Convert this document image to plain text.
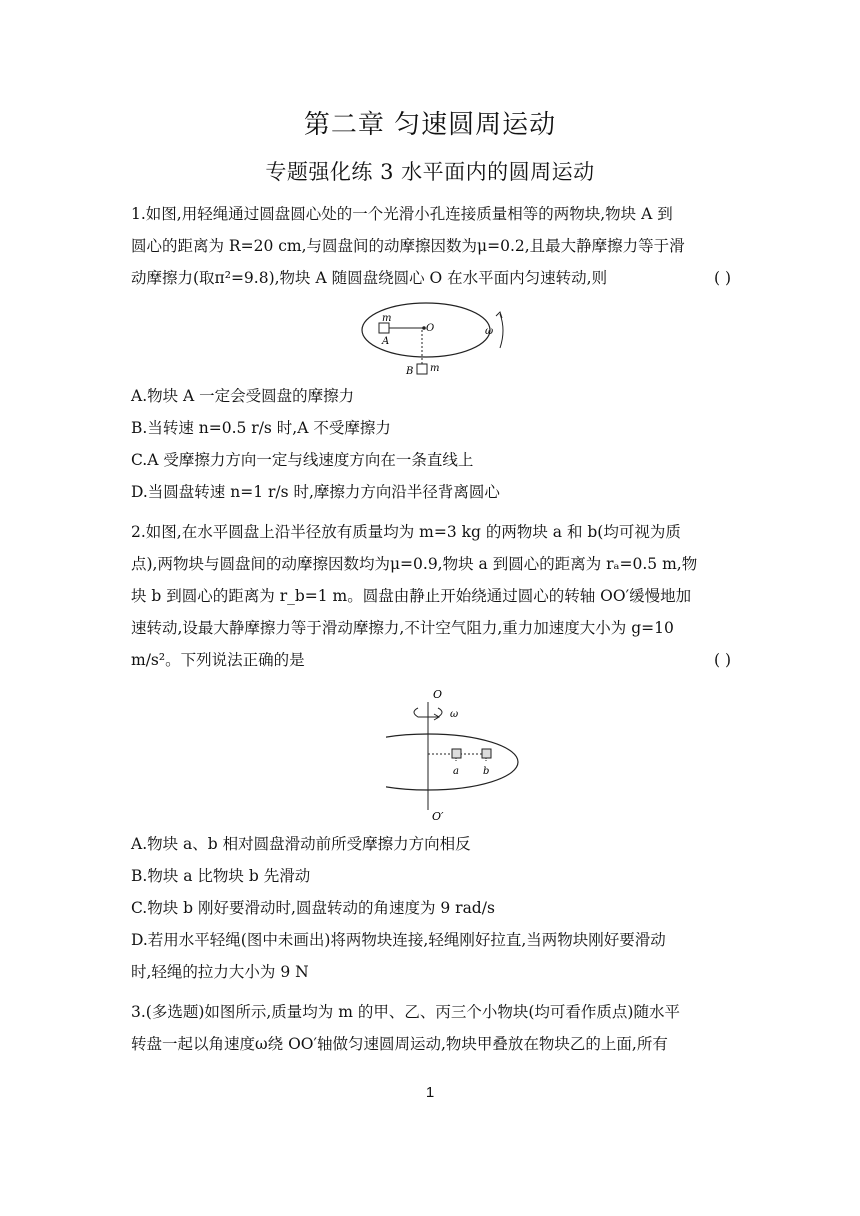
第二章 匀速圆周运动
专题强化练 3 水平面内的圆周运动
1.如图,用轻绳通过圆盘圆心处的一个光滑小孔连接质量相等的两物块,物块 A 到
圆心的距离为 R=20 cm,与圆盘间的动摩擦因数为μ=0.2,且最大静摩擦力等于滑
动摩擦力(取π²=9.8),物块 A 随圆盘绕圆心 O 在水平面内匀速转动,则	( )
m
A
O	ω
B m
A.物块 A 一定会受圆盘的摩擦力
B.当转速 n=0.5 r/s 时,A 不受摩擦力
C.A 受摩擦力方向一定与线速度方向在一条直线上
D.当圆盘转速 n=1 r/s 时,摩擦力方向沿半径背离圆心
2.如图,在水平圆盘上沿半径放有质量均为 m=3 kg 的两物块 a 和 b(均可视为质
点),两物块与圆盘间的动摩擦因数均为μ=0.9,物块 a 到圆心的距离为 rₐ=0.5 m,物
块 b 到圆心的距离为 r_b=1 m。圆盘由静止开始绕通过圆心的转轴 OO′缓慢地加
速转动,设最大静摩擦力等于滑动摩擦力,不计空气阻力,重力加速度大小为 g=10
m/s²。下列说法正确的是	( )
O
ω
a b
O′
A.物块 a、b 相对圆盘滑动前所受摩擦力方向相反
B.物块 a 比物块 b 先滑动
C.物块 b 刚好要滑动时,圆盘转动的角速度为 9 rad/s
D.若用水平轻绳(图中未画出)将两物块连接,轻绳刚好拉直,当两物块刚好要滑动
时,轻绳的拉力大小为 9 N
3.(多选题)如图所示,质量均为 m 的甲、乙、丙三个小物块(均可看作质点)随水平
转盘一起以角速度ω绕 OO′轴做匀速圆周运动,物块甲叠放在物块乙的上面,所有
1
